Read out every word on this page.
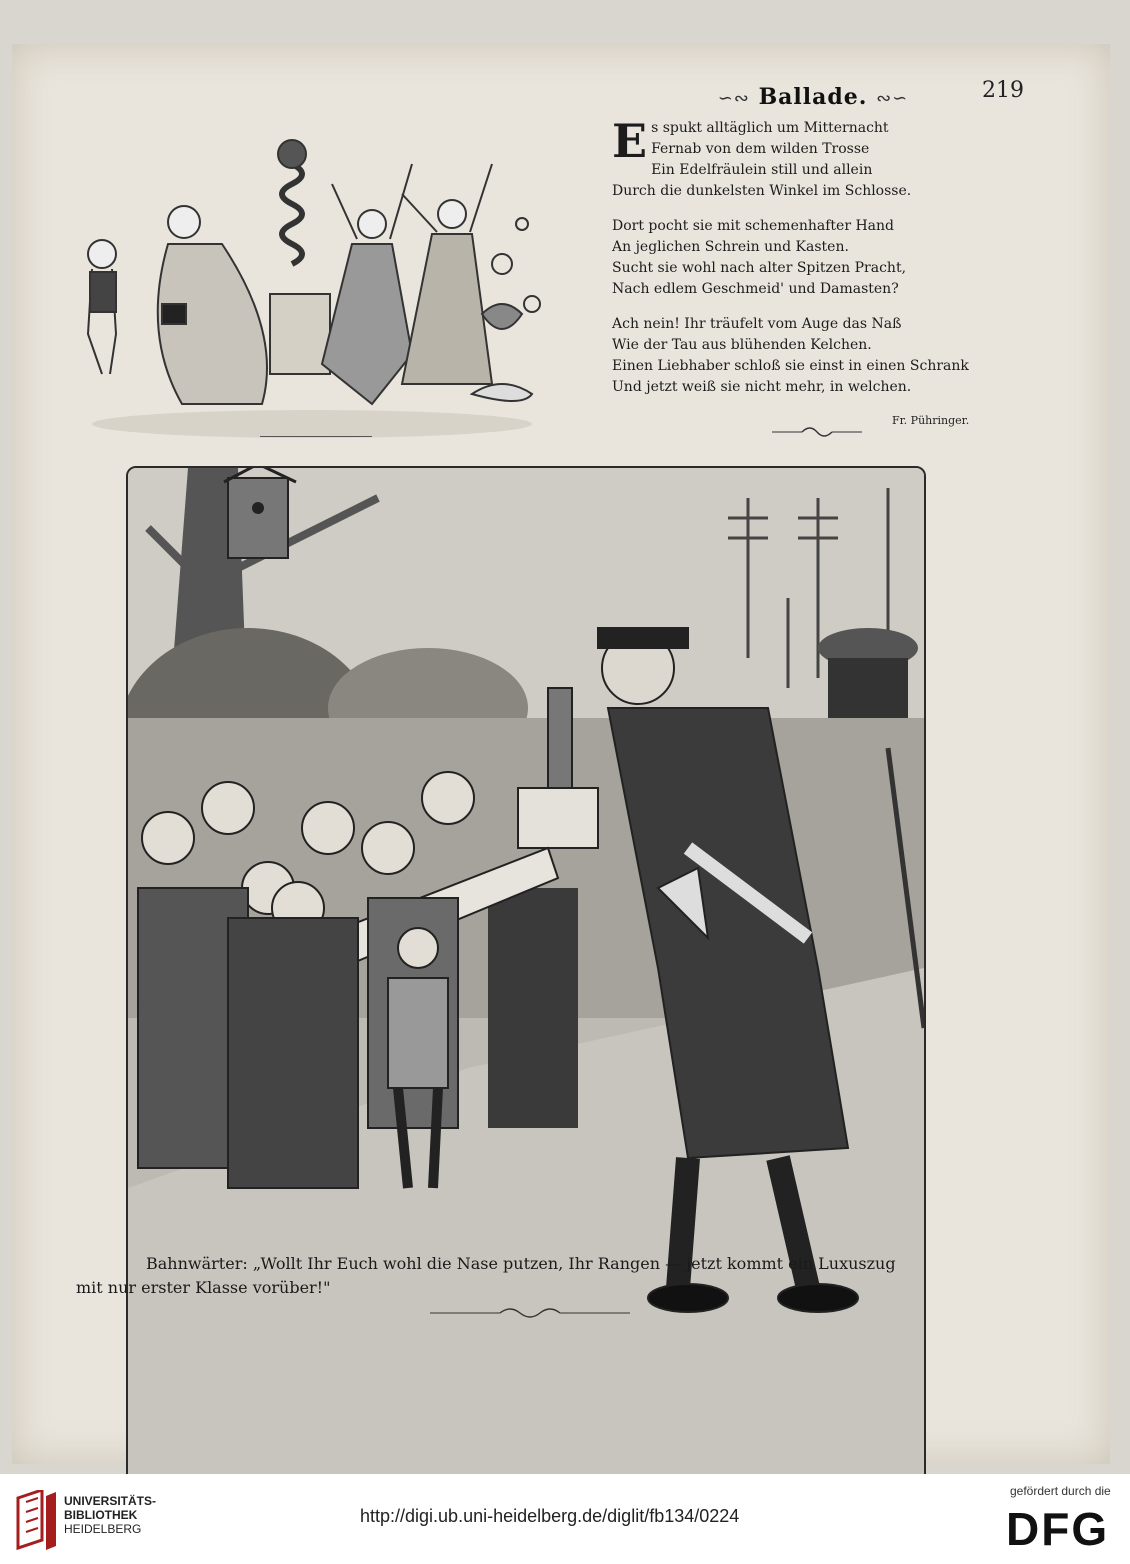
219
∽∾ Ballade. ∾∽
E s spukt alltäglich um Mitternacht
Fernab von dem wilden Trosse
Ein Edelfräulein still und allein
Durch die dunkelsten Winkel im Schlosse.
Dort pocht sie mit schemenhafter Hand
An jeglichen Schrein und Kasten.
Sucht sie wohl nach alter Spitzen Pracht,
Nach edlem Geschmeid' und Damasten?
Ach nein! Ihr träufelt vom Auge das Naß
Wie der Tau aus blühenden Kelchen.
Einen Liebhaber schloß sie einst in einen Schrank
Und jetzt weiß sie nicht mehr, in welchen.
Fr. Pühringer.
Bahnwärter: „Wollt Ihr Euch wohl die Nase putzen, Ihr Rangen — jetzt kommt ein Luxuszug
mit nur erster Klasse vorüber!"
UNIVERSITÄTS-
BIBLIOTHEK
HEIDELBERG
http://digi.ub.uni-heidelberg.de/diglit/fb134/0224
gefördert durch die
DFG
